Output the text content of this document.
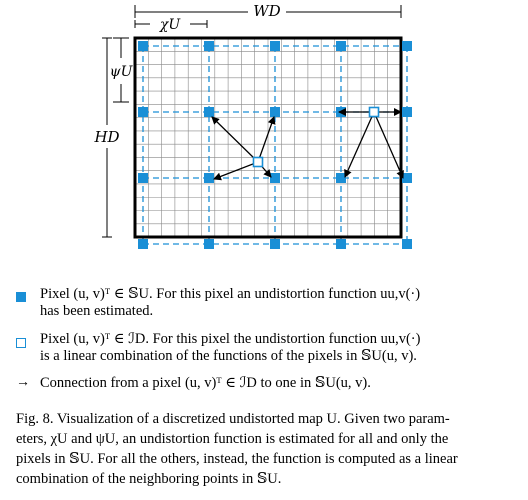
WD
χU
ψU
HD
Pixel (u, v)ᵀ ∈ 𝕊U. For this pixel an undistortion function uu,v(·)
has been estimated.
Pixel (u, v)ᵀ ∈ ℐD. For this pixel the undistortion function uu,v(·)
is a linear combination of the functions of the pixels in 𝕊U(u, v).
→ Connection from a pixel (u, v)ᵀ ∈ ℐD to one in 𝕊U(u, v).
Fig. 8. Visualization of a discretized undistorted map U. Given two param-
eters, χU and ψU, an undistortion function is estimated for all and only the
pixels in 𝕊U. For all the others, instead, the function is computed as a linear
combination of the neighboring points in 𝕊U.
